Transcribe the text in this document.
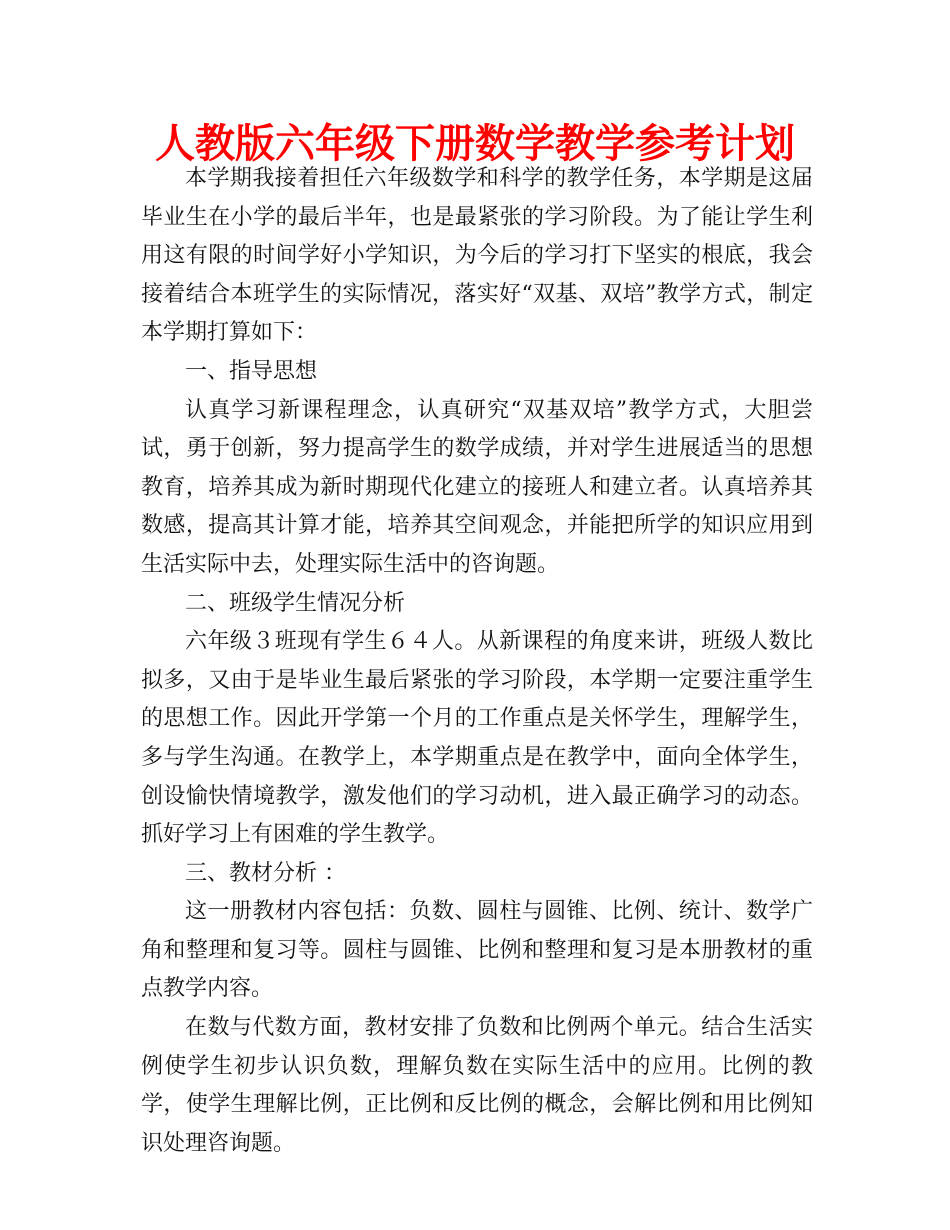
人教版六年级下册数学教学参考计划

本学期我接着担任六年级数学和科学的教学任务，本学期是这届毕业生在小学的最后半年，也是最紧张的学习阶段。为了能让学生利用这有限的时间学好小学知识，为今后的学习打下坚实的根底，我会接着结合本班学生的实际情况，落实好“双基、双培”教学方式，制定本学期打算如下：

一、指导思想

认真学习新课程理念，认真研究“双基双培”教学方式，大胆尝试，勇于创新，努力提高学生的数学成绩，并对学生进展适当的思想教育，培养其成为新时期现代化建立的接班人和建立者。认真培养其数感，提高其计算才能，培养其空间观念，并能把所学的知识应用到生活实际中去，处理实际生活中的咨询题。

二、班级学生情况分析

六年级３班现有学生６４人。从新课程的角度来讲，班级人数比拟多，又由于是毕业生最后紧张的学习阶段，本学期一定要注重学生的思想工作。因此开学第一个月的工作重点是关怀学生，理解学生，多与学生沟通。在教学上，本学期重点是在教学中，面向全体学生，创设愉快情境教学，激发他们的学习动机，进入最正确学习的动态。抓好学习上有困难的学生教学。

三、教材分析 ：

这一册教材内容包括：负数、圆柱与圆锥、比例、统计、数学广角和整理和复习等。圆柱与圆锥、比例和整理和复习是本册教材的重点教学内容。

在数与代数方面，教材安排了负数和比例两个单元。结合生活实例使学生初步认识负数，理解负数在实际生活中的应用。比例的教学，使学生理解比例，正比例和反比例的概念，会解比例和用比例知识处理咨询题。
